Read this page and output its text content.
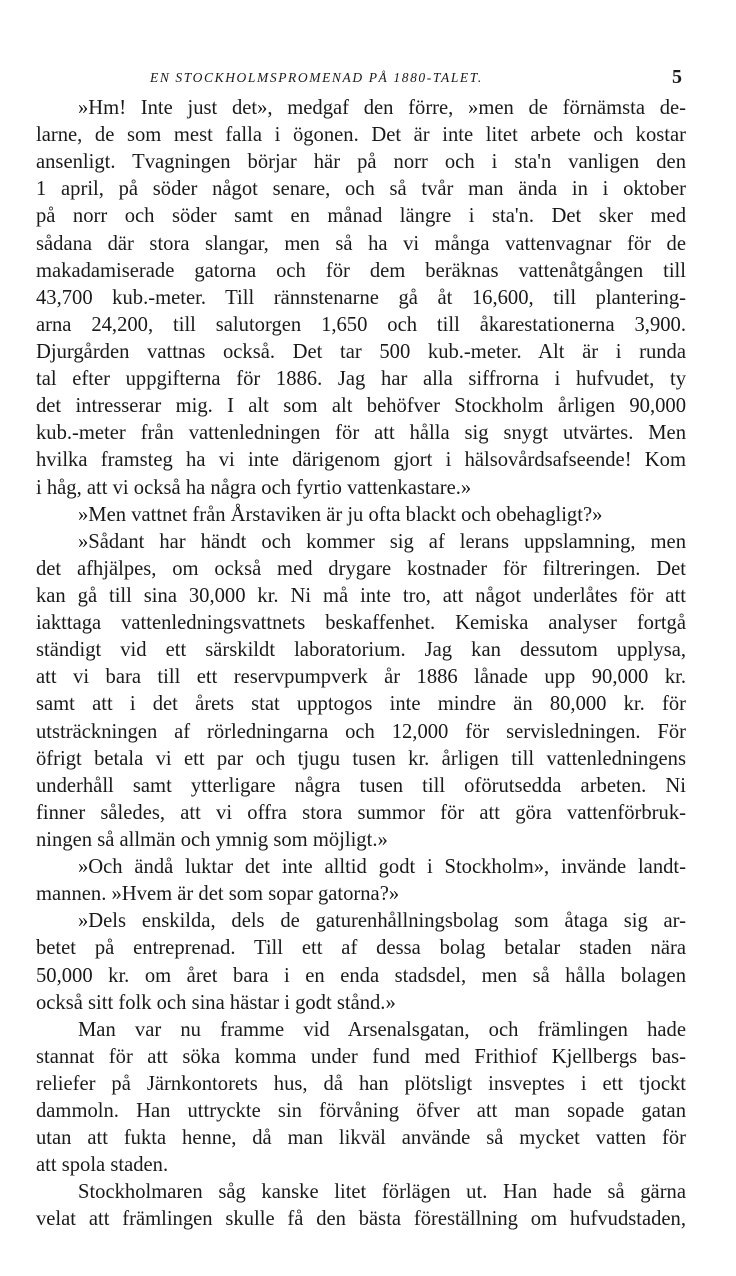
EN STOCKHOLMSPROMENAD PÅ 1880-TALET.	5
»Hm! Inte just det», medgaf den förre, »men de förnämsta de-
larne, de som mest falla i ögonen. Det är inte litet arbete och kostar
ansenligt. Tvagningen börjar här på norr och i sta'n vanligen den
1 april, på söder något senare, och så tvår man ända in i oktober
på norr och söder samt en månad längre i sta'n. Det sker med
sådana där stora slangar, men så ha vi många vattenvagnar för de
makadamiserade gatorna och för dem beräknas vattenåtgången till
43,700 kub.-meter. Till rännstenarne gå åt 16,600, till plantering-
arna 24,200, till salutorgen 1,650 och till åkarestationerna 3,900.
Djurgården vattnas också. Det tar 500 kub.-meter. Alt är i runda
tal efter uppgifterna för 1886. Jag har alla siffrorna i hufvudet, ty
det intresserar mig. I alt som alt behöfver Stockholm årligen 90,000
kub.-meter från vattenledningen för att hålla sig snygt utvärtes. Men
hvilka framsteg ha vi inte därigenom gjort i hälsovårdsafseende! Kom
i håg, att vi också ha några och fyrtio vattenkastare.»
»Men vattnet från Årstaviken är ju ofta blackt och obehagligt?»
»Sådant har händt och kommer sig af lerans uppslamning, men
det afhjälpes, om också med drygare kostnader för filtreringen. Det
kan gå till sina 30,000 kr. Ni må inte tro, att något underlåtes för att
iakttaga vattenledningsvattnets beskaffenhet. Kemiska analyser fortgå
ständigt vid ett särskildt laboratorium. Jag kan dessutom upplysa,
att vi bara till ett reservpumpverk år 1886 lånade upp 90,000 kr.
samt att i det årets stat upptogos inte mindre än 80,000 kr. för
utsträckningen af rörledningarna och 12,000 för servisledningen. För
öfrigt betala vi ett par och tjugu tusen kr. årligen till vattenledningens
underhåll samt ytterligare några tusen till oförutsedda arbeten. Ni
finner således, att vi offra stora summor för att göra vattenförbruk-
ningen så allmän och ymnig som möjligt.»
»Och ändå luktar det inte alltid godt i Stockholm», invände landt-
mannen. »Hvem är det som sopar gatorna?»
»Dels enskilda, dels de gaturenhållningsbolag som åtaga sig ar-
betet på entreprenad. Till ett af dessa bolag betalar staden nära
50,000 kr. om året bara i en enda stadsdel, men så hålla bolagen
också sitt folk och sina hästar i godt stånd.»
Man var nu framme vid Arsenalsgatan, och främlingen hade
stannat för att söka komma under fund med Frithiof Kjellbergs bas-
reliefer på Järnkontorets hus, då han plötsligt insveptes i ett tjockt
dammoln. Han uttryckte sin förvåning öfver att man sopade gatan
utan att fukta henne, då man likväl använde så mycket vatten för
att spola staden.
Stockholmaren såg kanske litet förlägen ut. Han hade så gärna
velat att främlingen skulle få den bästa föreställning om hufvudstaden,
